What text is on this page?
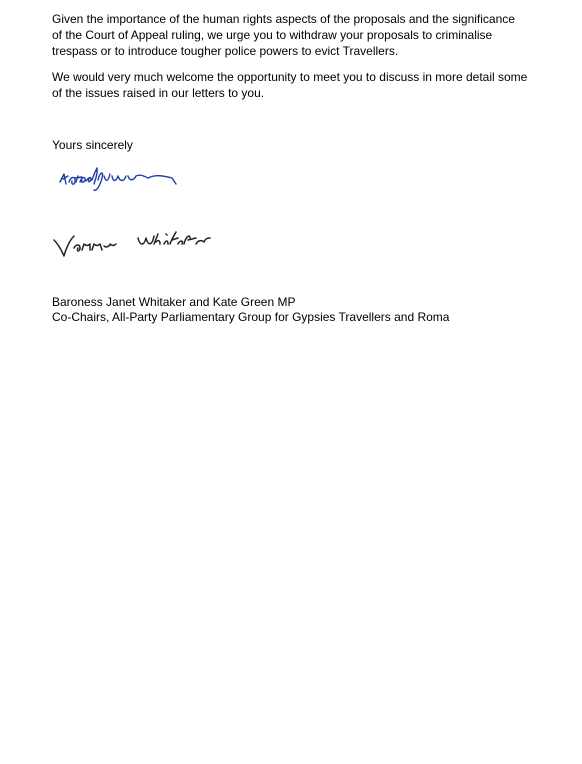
Given the importance of the human rights aspects of the proposals and the significance
of the Court of Appeal ruling, we urge you to withdraw your proposals to criminalise
trespass or to introduce tougher police powers to evict Travellers.
We would very much welcome the opportunity to meet you to discuss in more detail some
of the issues raised in our letters to you.
Yours sincerely
Baroness Janet Whitaker and Kate Green MP
Co-Chairs, All-Party Parliamentary Group for Gypsies Travellers and Roma
